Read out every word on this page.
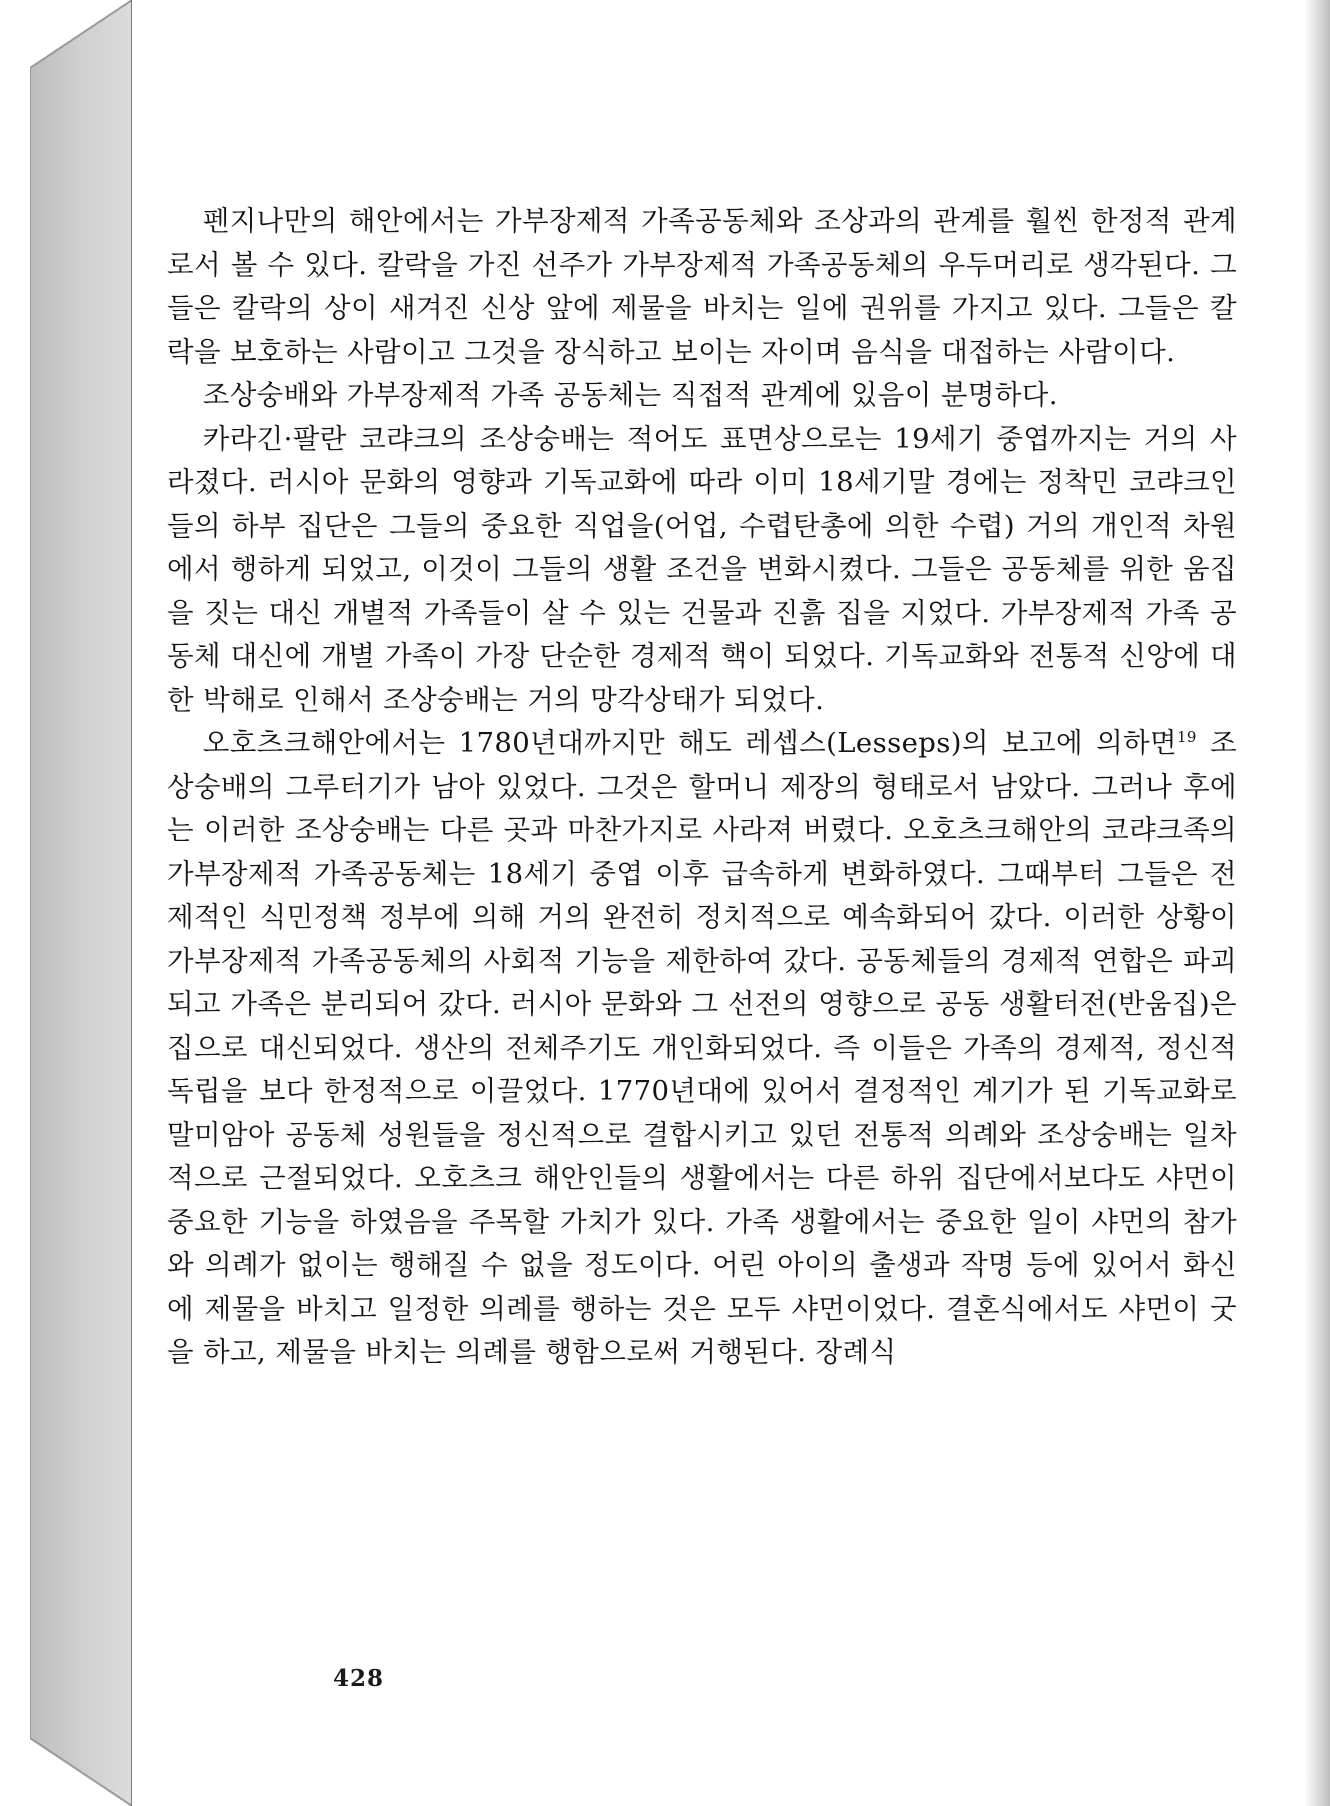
펜지나만의 해안에서는 가부장제적 가족공동체와 조상과의 관계를 훨씬 한정적 관계로서 볼 수 있다. 칼락을 가진 선주가 가부장제적 가족공동체의 우두머리로 생각된다. 그들은 칼락의 상이 새겨진 신상 앞에 제물을 바치는 일에 권위를 가지고 있다. 그들은 칼락을 보호하는 사람이고 그것을 장식하고 보이는 자이며 음식을 대접하는 사람이다.

조상숭배와 가부장제적 가족 공동체는 직접적 관계에 있음이 분명하다.

카라긴·팔란 코랴크의 조상숭배는 적어도 표면상으로는 19세기 중엽까지는 거의 사라졌다. 러시아 문화의 영향과 기독교화에 따라 이미 18세기말 경에는 정착민 코랴크인들의 하부 집단은 그들의 중요한 직업을(어업, 수렵탄총에 의한 수렵) 거의 개인적 차원에서 행하게 되었고, 이것이 그들의 생활 조건을 변화시켰다. 그들은 공동체를 위한 움집을 짓는 대신 개별적 가족들이 살 수 있는 건물과 진흙 집을 지었다. 가부장제적 가족 공동체 대신에 개별 가족이 가장 단순한 경제적 핵이 되었다. 기독교화와 전통적 신앙에 대한 박해로 인해서 조상숭배는 거의 망각상태가 되었다.

오호츠크해안에서는 1780년대까지만 해도 레셉스(Lesseps)의 보고에 의하면$^{19}$ 조상숭배의 그루터기가 남아 있었다. 그것은 할머니 제장의 형태로서 남았다. 그러나 후에는 이러한 조상숭배는 다른 곳과 마찬가지로 사라져 버렸다. 오호츠크해안의 코랴크족의 가부장제적 가족공동체는 18세기 중엽 이후 급속하게 변화하였다. 그때부터 그들은 전제적인 식민정책 정부에 의해 거의 완전히 정치적으로 예속화되어 갔다. 이러한 상황이 가부장제적 가족공동체의 사회적 기능을 제한하여 갔다. 공동체들의 경제적 연합은 파괴되고 가족은 분리되어 갔다. 러시아 문화와 그 선전의 영향으로 공동 생활터전(반움집)은 집으로 대신되었다. 생산의 전체주기도 개인화되었다. 즉 이들은 가족의 경제적, 정신적 독립을 보다 한정적으로 이끌었다. 1770년대에 있어서 결정적인 계기가 된 기독교화로 말미암아 공동체 성원들을 정신적으로 결합시키고 있던 전통적 의례와 조상숭배는 일차적으로 근절되었다. 오호츠크 해안인들의 생활에서는 다른 하위 집단에서보다도 샤먼이 중요한 기능을 하였음을 주목할 가치가 있다. 가족 생활에서는 중요한 일이 샤먼의 참가와 의례가 없이는 행해질 수 없을 정도이다. 어린 아이의 출생과 작명 등에 있어서 화신에 제물을 바치고 일정한 의례를 행하는 것은 모두 샤먼이었다. 결혼식에서도 샤먼이 굿을 하고, 제물을 바치는 의례를 행함으로써 거행된다. 장례식

428
